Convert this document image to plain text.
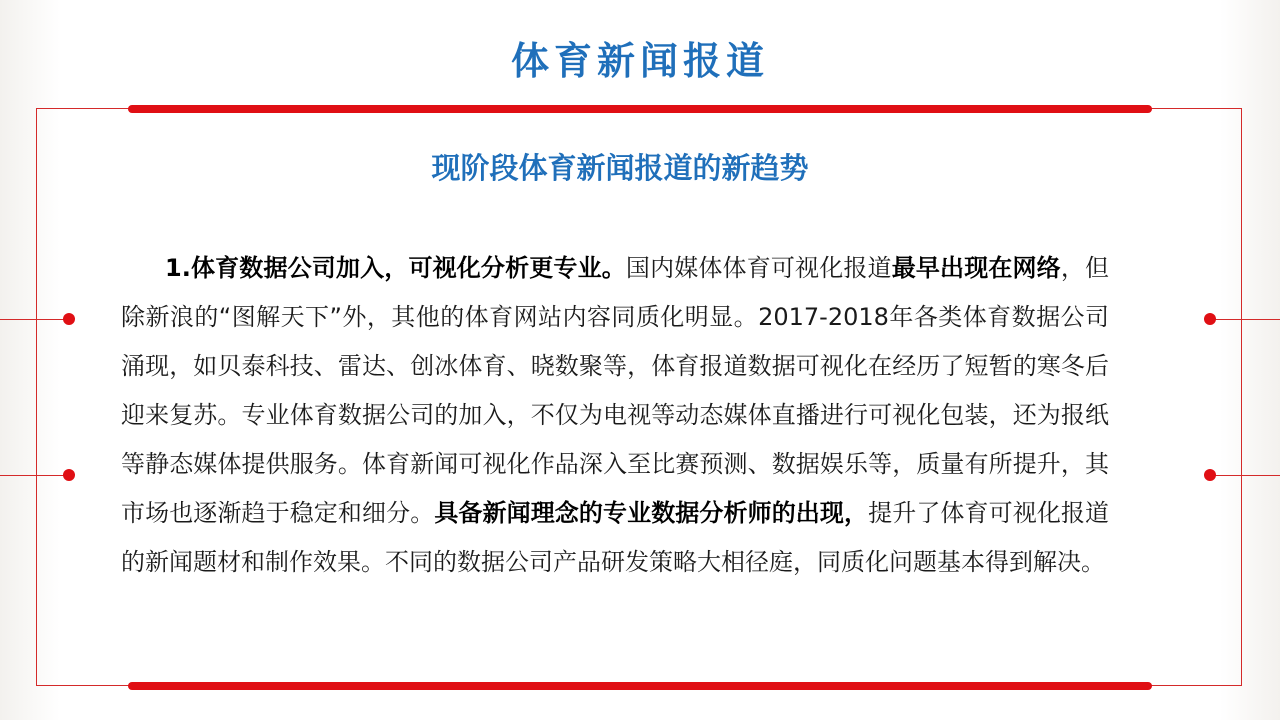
体育新闻报道
现阶段体育新闻报道的新趋势

1.体育数据公司加入，可视化分析更专业。国内媒体体育可视化报道最早出现在网络，但除新浪的“图解天下”外，其他的体育网站内容同质化明显。2017-2018年各类体育数据公司涌现，如贝泰科技、雷达、创冰体育、晓数聚等，体育报道数据可视化在经历了短暂的寒冬后迎来复苏。专业体育数据公司的加入，不仅为电视等动态媒体直播进行可视化包装，还为报纸等静态媒体提供服务。体育新闻可视化作品深入至比赛预测、数据娱乐等，质量有所提升，其市场也逐渐趋于稳定和细分。具备新闻理念的专业数据分析师的出现，提升了体育可视化报道的新闻题材和制作效果。不同的数据公司产品研发策略大相径庭，同质化问题基本得到解决。
